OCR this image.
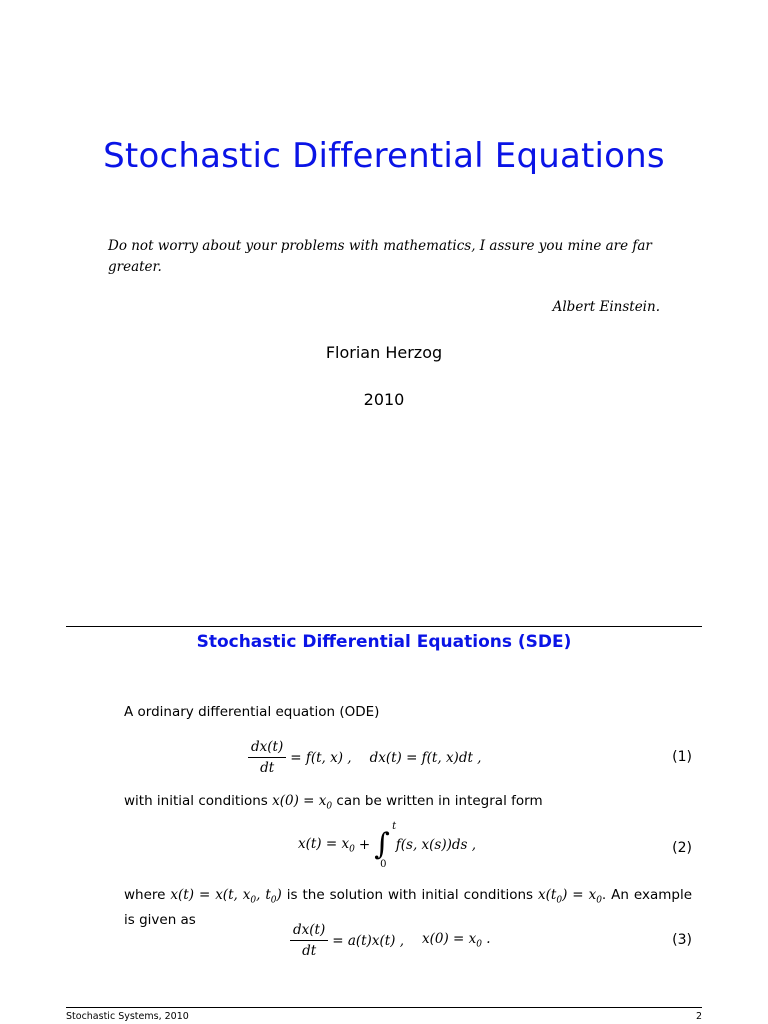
Stochastic Differential Equations
Do not worry about your problems with mathematics, I assure you mine are far greater.
Albert Einstein.
Florian Herzog
2010
Stochastic Differential Equations (SDE)
A ordinary differential equation (ODE)
$\frac{dx(t)}{dt} = f(t$, x) , dx(t) = f(t, x)dt ,	(1)
with initial conditions $x(0) = x_0$ can be written in integral form
$x(t) = x_0$ + ∫
t
0
f(s, x(s))ds ,	(2)
where x(t) = x(t, $x_0$, $t_0$) is the solution with initial conditions $x(t_0) = x_0$. An example is given as
$\frac{dx(t)}{dt} = a(t)x(t)$ , $x(0) = x_0$ .	(3)
Stochastic Systems, 2010	2
